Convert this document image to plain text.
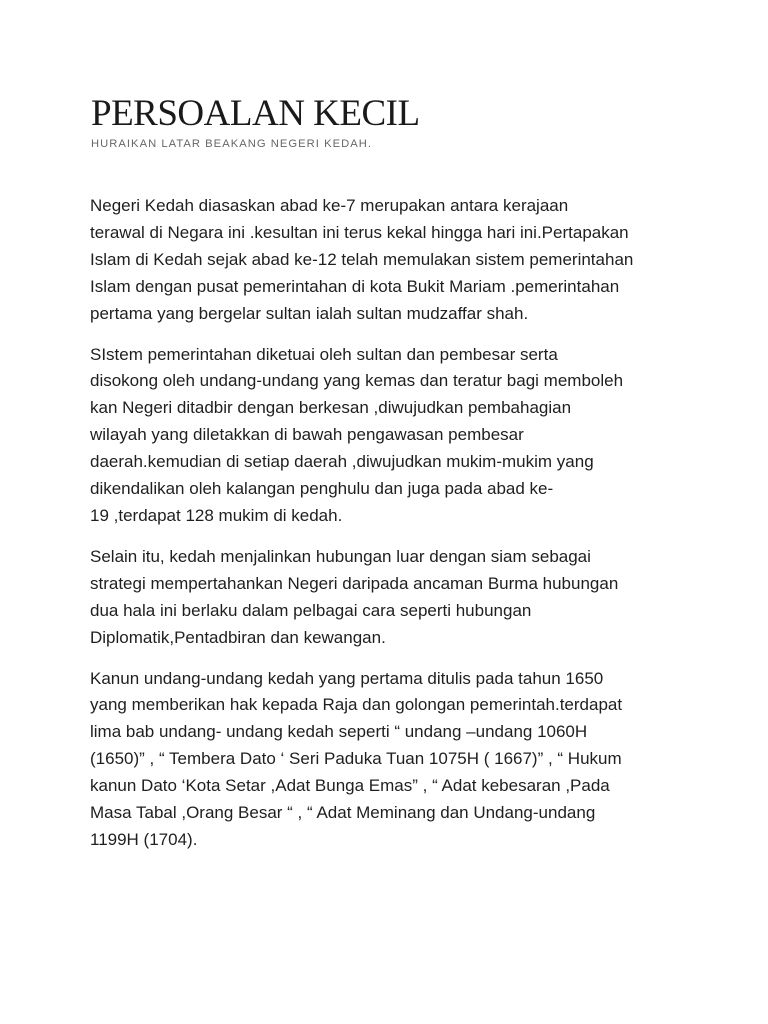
PERSOALAN KECIL
HURAIKAN LATAR BEAKANG NEGERI KEDAH.

Negeri Kedah diasaskan abad ke-7 merupakan antara kerajaan
terawal di Negara ini .kesultan ini terus kekal hingga hari ini.Pertapakan
Islam di Kedah sejak abad ke-12 telah memulakan sistem pemerintahan
Islam dengan pusat pemerintahan di kota Bukit Mariam .pemerintahan
pertama yang bergelar sultan ialah sultan mudzaffar shah.

SIstem pemerintahan diketuai oleh sultan dan pembesar serta
disokong oleh undang-undang yang kemas dan teratur bagi memboleh
kan Negeri ditadbir dengan berkesan ,diwujudkan pembahagian
wilayah yang diletakkan di bawah pengawasan pembesar
daerah.kemudian di setiap daerah ,diwujudkan mukim-mukim yang
dikendalikan oleh kalangan penghulu dan juga pada abad ke-
19 ,terdapat 128 mukim di kedah.

Selain itu, kedah menjalinkan hubungan luar dengan siam sebagai
strategi mempertahankan Negeri daripada ancaman Burma hubungan
dua hala ini berlaku dalam pelbagai cara seperti hubungan
Diplomatik,Pentadbiran dan kewangan.

Kanun undang-undang kedah yang pertama ditulis pada tahun 1650
yang memberikan hak kepada Raja dan golongan pemerintah.terdapat
lima bab undang- undang kedah seperti “ undang –undang 1060H
(1650)” , “ Tembera Dato ‘ Seri Paduka Tuan 1075H ( 1667)” , “ Hukum
kanun Dato ‘Kota Setar ,Adat Bunga Emas” , “ Adat kebesaran ,Pada
Masa Tabal ,Orang Besar “ , “ Adat Meminang dan Undang-undang
1199H (1704).
